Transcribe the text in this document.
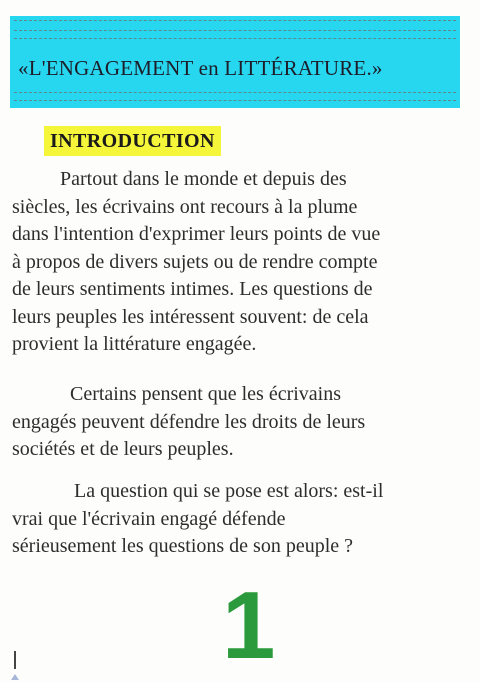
«L'ENGAGEMENT en LITTÉRATURE.»
INTRODUCTION
Partout dans le monde et depuis des
siècles, les écrivains ont recours à la plume
dans l'intention d'exprimer leurs points de vue
à propos de divers sujets ou de rendre compte
de leurs sentiments intimes. Les questions de
leurs peuples les intéressent souvent: de cela
provient la littérature engagée.
Certains pensent que les écrivains
engagés peuvent défendre les droits de leurs
sociétés et de leurs peuples.
La question qui se pose est alors: est-il
vrai que l'écrivain engagé défende
sérieusement les questions de son peuple ?
1
